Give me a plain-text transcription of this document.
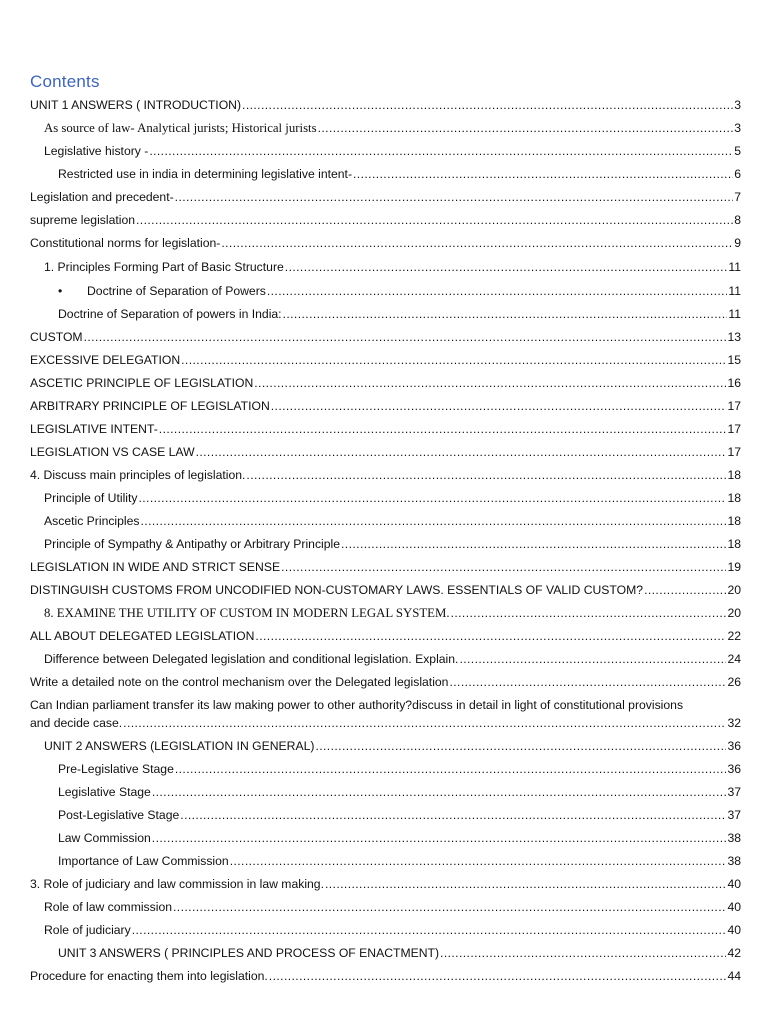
Contents
UNIT 1 ANSWERS ( INTRODUCTION) .....	3
As source of law- Analytical jurists; Historical jurists .....	3
Legislative history - .....	5
Restricted use in india in determining legislative intent- .....	6
Legislation and precedent- .....	7
supreme legislation .....	8
Constitutional norms for legislation- .....	9
1. Principles Forming Part of Basic Structure .....	11
•	Doctrine of Separation of Powers .....	11
Doctrine of Separation of powers in India: .....	11
CUSTOM .....	13
EXCESSIVE DELEGATION .....	15
ASCETIC PRINCIPLE OF LEGISLATION .....	16
ARBITRARY PRINCIPLE OF LEGISLATION .....	17
LEGISLATIVE INTENT- .....	17
LEGISLATION VS CASE LAW .....	17
4. Discuss main principles of legislation. .....	18
Principle of Utility .....	18
Ascetic Principles .....	18
Principle of Sympathy & Antipathy or Arbitrary Principle .....	18
LEGISLATION IN WIDE AND STRICT SENSE .....	19
DISTINGUISH CUSTOMS FROM UNCODIFIED NON-CUSTOMARY LAWS. ESSENTIALS OF VALID CUSTOM? .....	20
8. EXAMINE THE UTILITY OF CUSTOM IN MODERN LEGAL SYSTEM. .....	20
ALL ABOUT DELEGATED LEGISLATION .....	22
Difference between Delegated legislation and conditional legislation. Explain. .....	24
Write a detailed note on the control mechanism over the Delegated legislation .....	26
Can Indian parliament transfer its law making power to other authority?discuss in detail in light of constitutional provisions
and decide case. .....	32
UNIT 2 ANSWERS (LEGISLATION IN GENERAL) .....	36
Pre-Legislative Stage .....	36
Legislative Stage .....	37
Post-Legislative Stage .....	37
Law Commission .....	38
Importance of Law Commission .....	38
3. Role of judiciary and law commission in law making. .....	40
Role of law commission .....	40
Role of judiciary .....	40
UNIT 3 ANSWERS ( PRINCIPLES AND PROCESS OF ENACTMENT) .....	42
Procedure for enacting them into legislation. .....	44
